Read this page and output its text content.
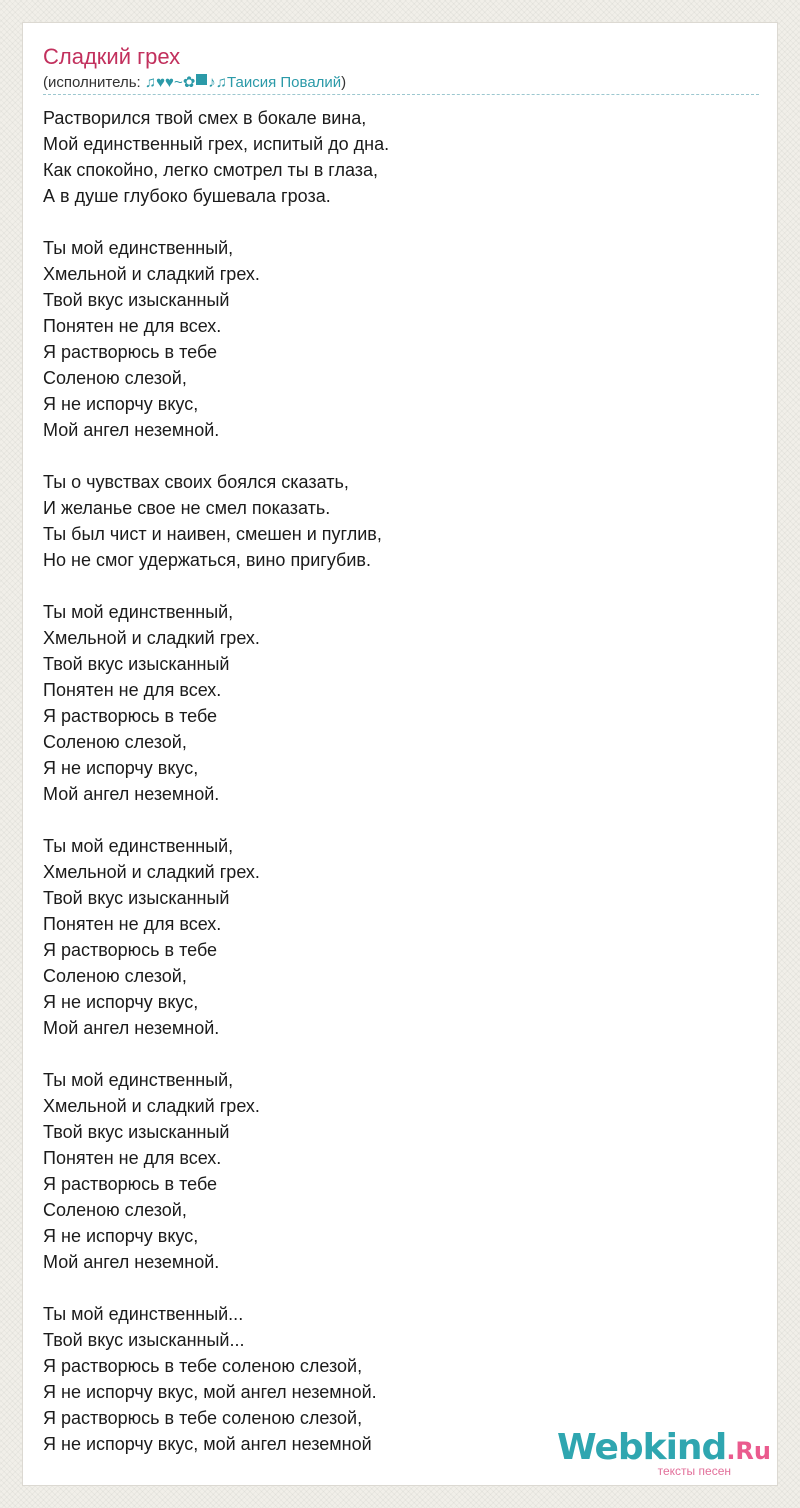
Сладкий грех
(исполнитель: ♫♥♥~✿ ♪♫Таисия Повалий)
Растворился твой смех в бокале вина,
Мой единственный грех, испитый до дна.
Как спокойно, легко смотрел ты в глаза,
А в душе глубоко бушевала гроза.
Ты мой единственный,
Хмельной и сладкий грех.
Твой вкус изысканный
Понятен не для всех.
Я растворюсь в тебе
Соленою слезой,
Я не испорчу вкус,
Мой ангел неземной.
Ты о чувствах своих боялся сказать,
И желанье свое не смел показать.
Ты был чист и наивен, смешен и пуглив,
Но не смог удержаться, вино пригубив.
Ты мой единственный,
Хмельной и сладкий грех.
Твой вкус изысканный
Понятен не для всех.
Я растворюсь в тебе
Соленою слезой,
Я не испорчу вкус,
Мой ангел неземной.
Ты мой единственный,
Хмельной и сладкий грех.
Твой вкус изысканный
Понятен не для всех.
Я растворюсь в тебе
Соленою слезой,
Я не испорчу вкус,
Мой ангел неземной.
Ты мой единственный,
Хмельной и сладкий грех.
Твой вкус изысканный
Понятен не для всех.
Я растворюсь в тебе
Соленою слезой,
Я не испорчу вкус,
Мой ангел неземной.
Ты мой единственный...
Твой вкус изысканный...
Я растворюсь в тебе соленою слезой,
Я не испорчу вкус, мой ангел неземной.
Я растворюсь в тебе соленою слезой,
Я не испорчу вкус, мой ангел неземной	Webkind.Ru
тексты песен
